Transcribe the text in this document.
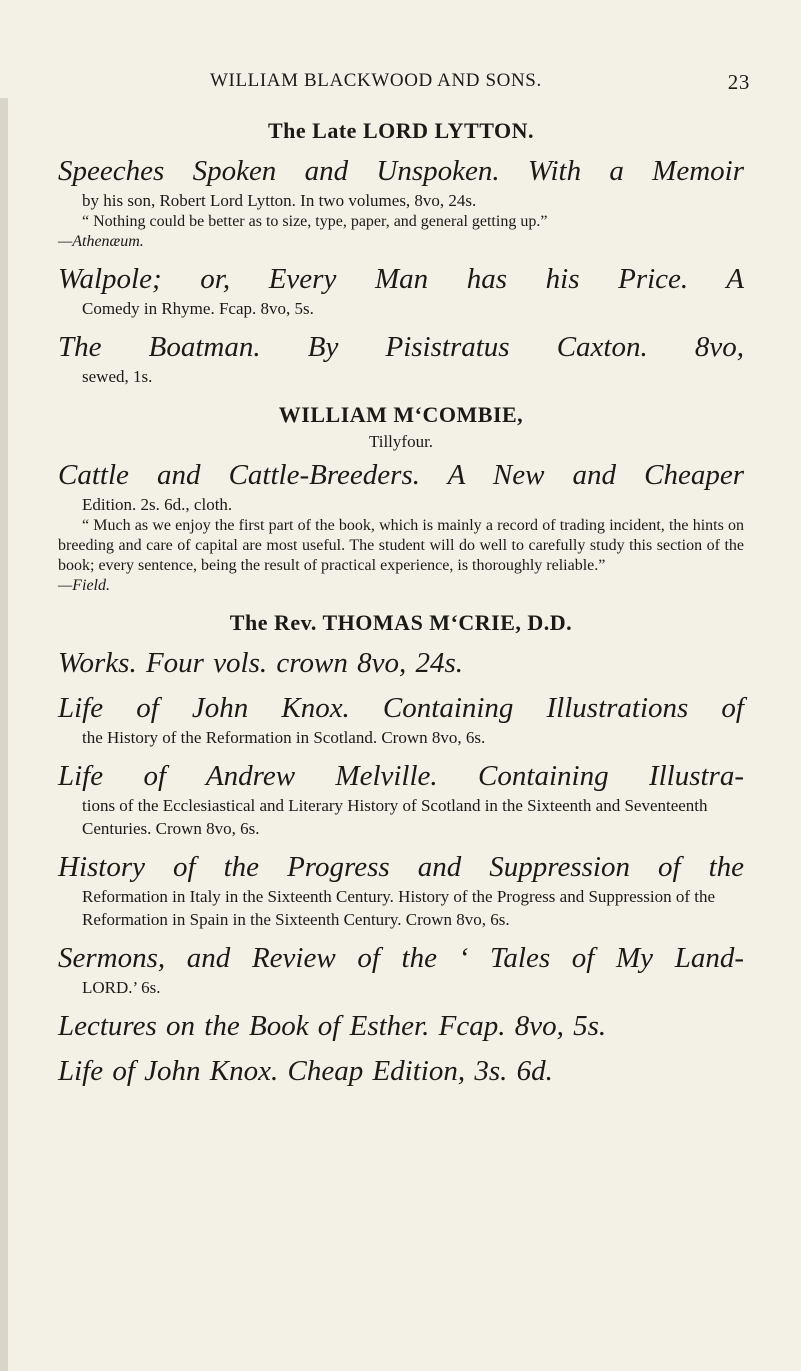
WILLIAM BLACKWOOD AND SONS.	23
The Late LORD LYTTON.
Speeches Spoken and Unspoken. With a Memoir
by his son, Robert Lord Lytton. In two volumes, 8vo, 24s.
“ Nothing could be better as to size, type, paper, and general getting up.”
—Athenæum.
Walpole; or, Every Man has his Price. A
Comedy in Rhyme. Fcap. 8vo, 5s.
The Boatman. By Pisistratus Caxton. 8vo,
sewed, 1s.
WILLIAM M‘COMBIE,
Tillyfour.
Cattle and Cattle-Breeders. A New and Cheaper
Edition. 2s. 6d., cloth.
“ Much as we enjoy the first part of the book, which is mainly a record of trading incident, the hints on breeding and care of capital are most useful. The student will do well to carefully study this section of the book; every sentence, being the result of practical experience, is thoroughly reliable.”
—Field.
The Rev. THOMAS M‘CRIE, D.D.
Works. Four vols. crown 8vo, 24s.
Life of John Knox. Containing Illustrations of
the History of the Reformation in Scotland. Crown 8vo, 6s.
Life of Andrew Melville. Containing Illustra-
tions of the Ecclesiastical and Literary History of Scotland in the Sixteenth and Seventeenth Centuries. Crown 8vo, 6s.
History of the Progress and Suppression of the
Reformation in Italy in the Sixteenth Century. History of the Progress and Suppression of the Reformation in Spain in the Sixteenth Century. Crown 8vo, 6s.
Sermons, and Review of the ‘ Tales of My Land-
LORD.’ 6s.
Lectures on the Book of Esther. Fcap. 8vo, 5s.
Life of John Knox. Cheap Edition, 3s. 6d.
